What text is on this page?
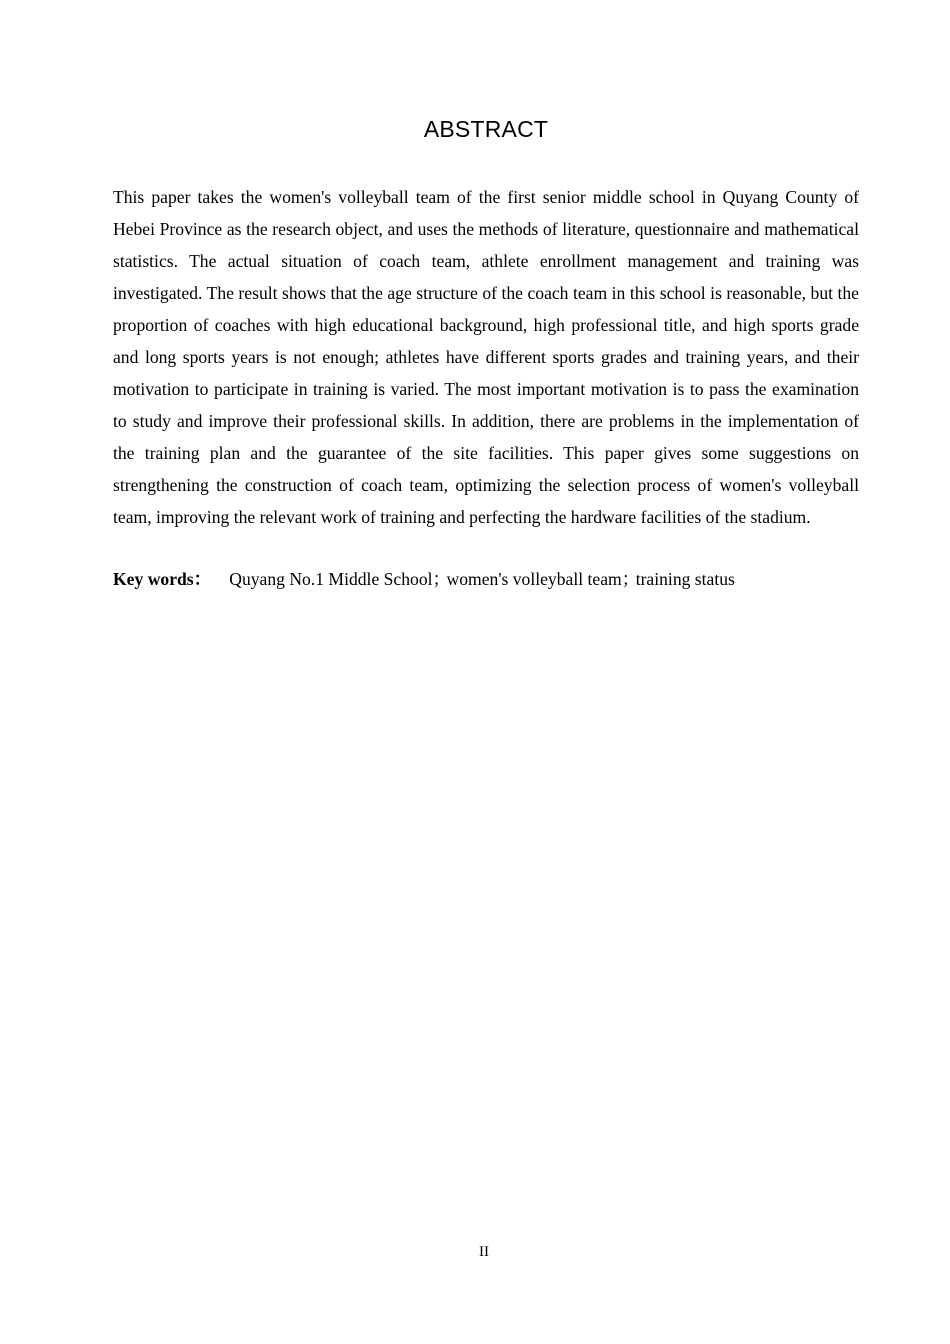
ABSTRACT

This paper takes the women's volleyball team of the first senior middle school in Quyang County of Hebei Province as the research object, and uses the methods of literature, questionnaire and mathematical statistics. The actual situation of coach team, athlete enrollment management and training was investigated. The result shows that the age structure of the coach team in this school is reasonable, but the proportion of coaches with high educational background, high professional title, and high sports grade and long sports years is not enough; athletes have different sports grades and training years, and their motivation to participate in training is varied. The most important motivation is to pass the examination to study and improve their professional skills. In addition, there are problems in the implementation of the training plan and the guarantee of the site facilities. This paper gives some suggestions on strengthening the construction of coach team, optimizing the selection process of women's volleyball team, improving the relevant work of training and perfecting the hardware facilities of the stadium.

Key words： Quyang No.1 Middle School；women's volleyball team；training status

II
